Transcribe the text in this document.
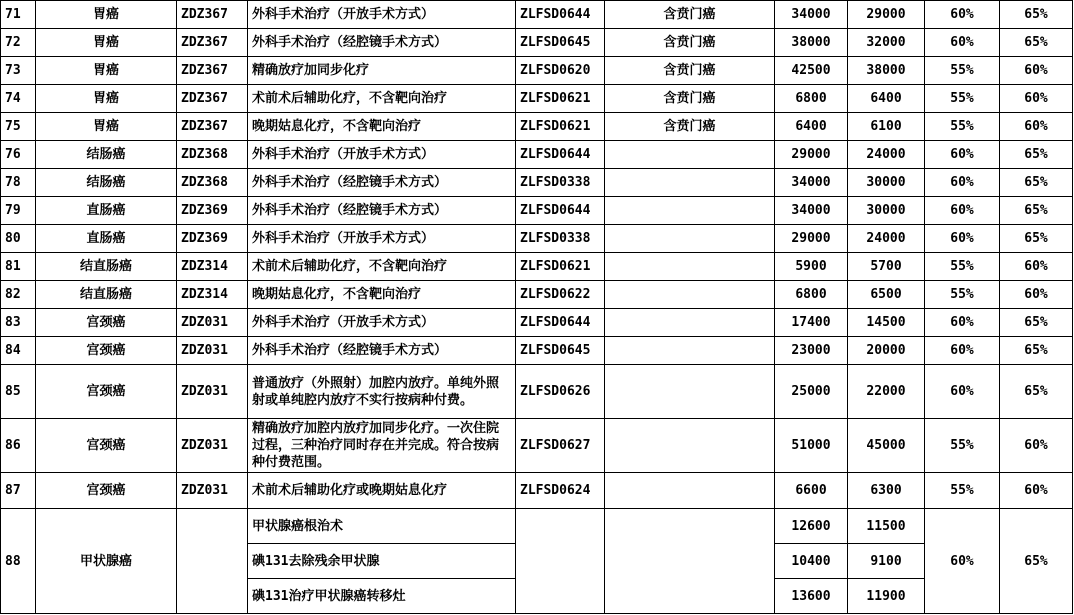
71	胃癌	ZDZ367	外科手术治疗（开放手术方式）	ZLFSD0644	含贲门癌	34000	29000	60%	65%
72	胃癌	ZDZ367	外科手术治疗（经腔镜手术方式）	ZLFSD0645	含贲门癌	38000	32000	60%	65%
73	胃癌	ZDZ367	精确放疗加同步化疗	ZLFSD0620	含贲门癌	42500	38000	55%	60%
74	胃癌	ZDZ367	术前术后辅助化疗，不含靶向治疗	ZLFSD0621	含贲门癌	6800	6400	55%	60%
75	胃癌	ZDZ367	晚期姑息化疗，不含靶向治疗	ZLFSD0621	含贲门癌	6400	6100	55%	60%
76	结肠癌	ZDZ368	外科手术治疗（开放手术方式）	ZLFSD0644		29000	24000	60%	65%
78	结肠癌	ZDZ368	外科手术治疗（经腔镜手术方式）	ZLFSD0338		34000	30000	60%	65%
79	直肠癌	ZDZ369	外科手术治疗（经腔镜手术方式）	ZLFSD0644		34000	30000	60%	65%
80	直肠癌	ZDZ369	外科手术治疗（开放手术方式）	ZLFSD0338		29000	24000	60%	65%
81	结直肠癌	ZDZ314	术前术后辅助化疗，不含靶向治疗	ZLFSD0621		5900	5700	55%	60%
82	结直肠癌	ZDZ314	晚期姑息化疗，不含靶向治疗	ZLFSD0622		6800	6500	55%	60%
83	宫颈癌	ZDZ031	外科手术治疗（开放手术方式）	ZLFSD0644		17400	14500	60%	65%
84	宫颈癌	ZDZ031	外科手术治疗（经腔镜手术方式）	ZLFSD0645		23000	20000	60%	65%
85	宫颈癌	ZDZ031	普通放疗（外照射）加腔内放疗。单纯外照射或单纯腔内放疗不实行按病种付费。	ZLFSD0626		25000	22000	60%	65%
86	宫颈癌	ZDZ031	精确放疗加腔内放疗加同步化疗。一次住院过程，三种治疗同时存在并完成。符合按病种付费范围。	ZLFSD0627		51000	45000	55%	60%
87	宫颈癌	ZDZ031	术前术后辅助化疗或晚期姑息化疗	ZLFSD0624		6600	6300	55%	60%
88	甲状腺癌		甲状腺癌根治术			12600	11500	60%	65%
			碘131去除残余甲状腺			10400	9100		
			碘131治疗甲状腺癌转移灶			13600	11900		
